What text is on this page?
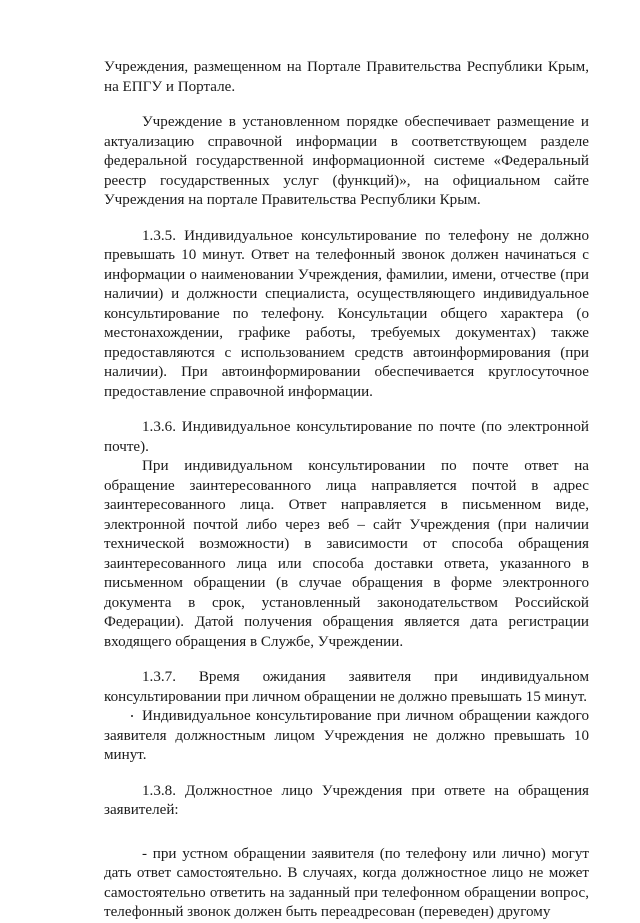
Учреждения, размещенном на Портале Правительства Республики Крым, на ЕПГУ и Портале.

Учреждение в установленном порядке обеспечивает размещение и актуализацию справочной информации в соответствующем разделе федеральной государственной информационной системе «Федеральный реестр государственных услуг (функций)», на официальном сайте Учреждения на портале Правительства Республики Крым.

1.3.5. Индивидуальное консультирование по телефону не должно превышать 10 минут. Ответ на телефонный звонок должен начинаться с информации о наименовании Учреждения, фамилии, имени, отчестве (при наличии) и должности специалиста, осуществляющего индивидуальное консультирование по телефону. Консультации общего характера (о местонахождении, графике работы, требуемых документах) также предоставляются с использованием средств автоинформирования (при наличии). При автоинформировании обеспечивается круглосуточное предоставление справочной информации.

1.3.6. Индивидуальное консультирование по почте (по электронной почте).

При индивидуальном консультировании по почте ответ на обращение заинтересованного лица направляется почтой в адрес заинтересованного лица. Ответ направляется в письменном виде, электронной почтой либо через веб – сайт Учреждения (при наличии технической возможности) в зависимости от способа обращения заинтересованного лица или способа доставки ответа, указанного в письменном обращении (в случае обращения в форме электронного документа в срок, установленный законодательством Российской Федерации). Датой получения обращения является дата регистрации входящего обращения в Службе, Учреждении.

1.3.7. Время ожидания заявителя при индивидуальном консультировании при личном обращении не должно превышать 15 минут.

Индивидуальное консультирование при личном обращении каждого заявителя должностным лицом Учреждения не должно превышать 10 минут.

1.3.8. Должностное лицо Учреждения при ответе на обращения заявителей:

- при устном обращении заявителя (по телефону или лично) могут дать ответ самостоятельно. В случаях, когда должностное лицо не может самостоятельно ответить на заданный при телефонном обращении вопрос, телефонный звонок должен быть переадресован (переведен) другому
